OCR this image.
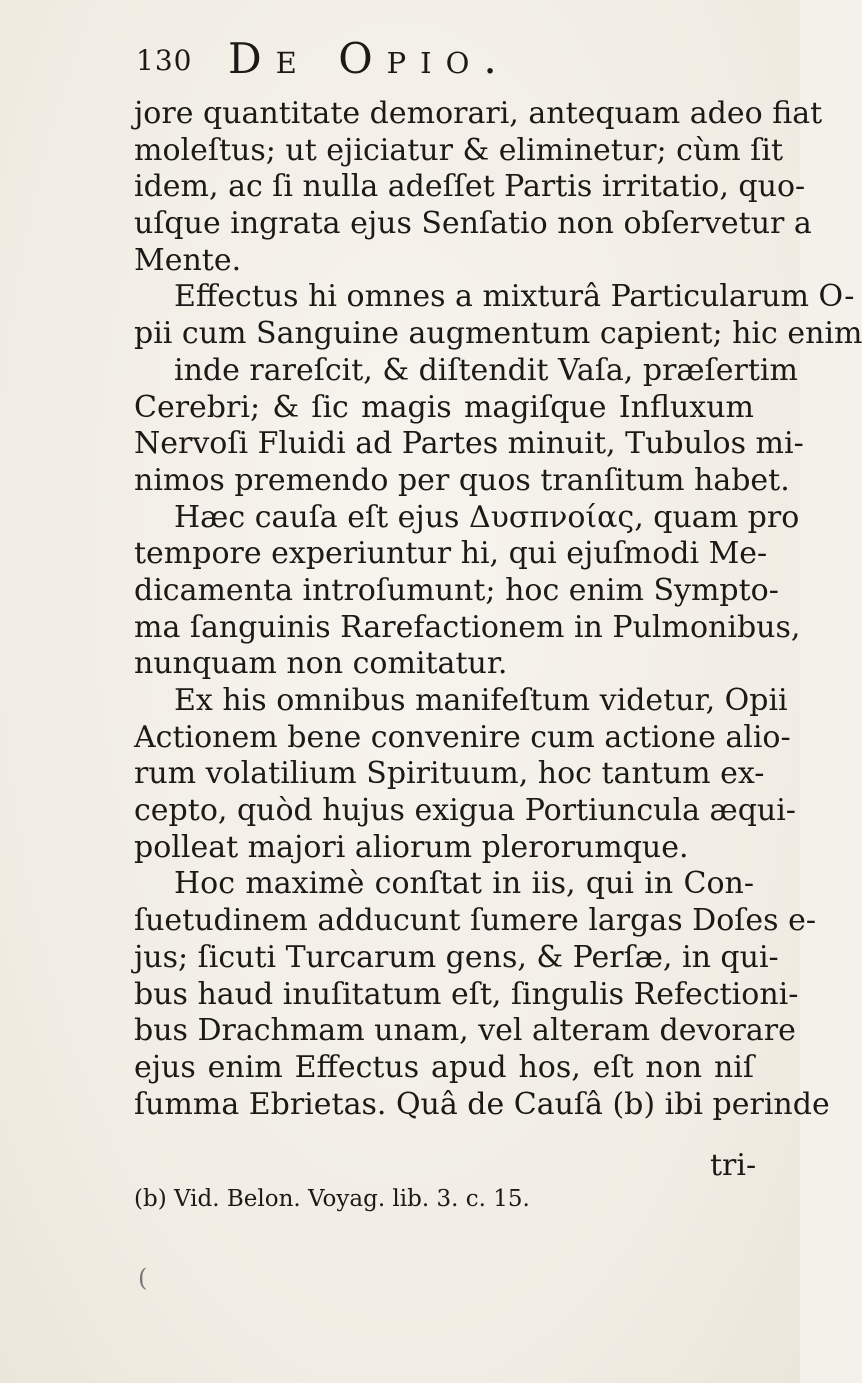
130 De Opio.
jore quantitate demorari, antequam adeo fiat
moleſtus; ut ejiciatur & eliminetur; cùm ſit
idem, ac ſi nulla adeſſet Partis irritatio, quo-
uſque ingrata ejus Senſatio non obſervetur a
Mente.
Effectus hi omnes a mixturâ Particularum O-
pii cum Sanguine augmentum capient; hic enim
inde rareſcit, & diſtendit Vaſa, præſertim
Cerebri; & ſic magis magiſque Influxum
Nervoſi Fluidi ad Partes minuit, Tubulos mi-
nimos premendo per quos tranſitum habet.
Hæc cauſa eſt ejus Δυσπνοίας, quam pro
tempore experiuntur hi, qui ejuſmodi Me-
dicamenta introſumunt; hoc enim Sympto-
ma ſanguinis Rarefactionem in Pulmonibus,
nunquam non comitatur.
Ex his omnibus manifeſtum videtur, Opii
Actionem bene convenire cum actione alio-
rum volatilium Spirituum, hoc tantum ex-
cepto, quòd hujus exigua Portiuncula æqui-
polleat majori aliorum plerorumque.
Hoc maximè conſtat in iis, qui in Con-
ſuetudinem adducunt ſumere largas Doſes e-
jus; ſicuti Turcarum gens, & Perſæ, in qui-
bus haud inuſitatum eſt, ſingulis Refectioni-
bus Drachmam unam, vel alteram devorare
ejus enim Effectus apud hos, eſt non niſ
ſumma Ebrietas. Quâ de Cauſâ (b) ibi perinde
tri-
(b) Vid. Belon. Voyag. lib. 3. c. 15.
(
